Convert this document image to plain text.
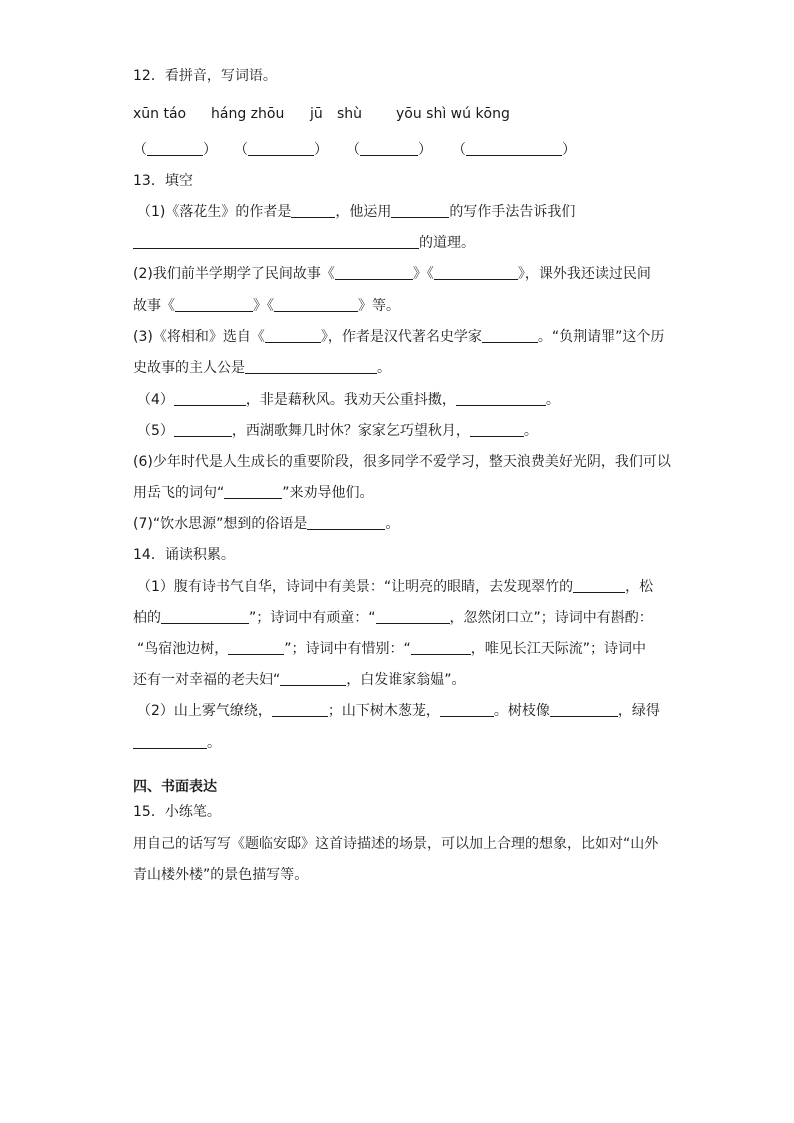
12．看拼音，写词语。
xūn táo háng zhōu jū shù yōu shì wú kōng
（	） （	） （	） （	）
13．填空
（1)《落花生》的作者是	，他运用	的写作手法告诉我们
的道理。
(2)我们前半学期学了民间故事《	》《	》，课外我还读过民间
故事《	》《	》等。
(3)《将相和》选自《	》，作者是汉代著名史学家	。“负荆请罪”这个历
史故事的主人公是	。
（4）	，非是藉秋风。我劝天公重抖擞，	。
（5）	，西湖歌舞几时休？家家乞巧望秋月，	。
(6)少年时代是人生成长的重要阶段，很多同学不爱学习，整天浪费美好光阴，我们可以
用岳飞的词句“	”来劝导他们。
(7)“饮水思源”想到的俗语是	。
14．诵读积累。
（1）腹有诗书气自华，诗词中有美景：“让明亮的眼睛，去发现翠竹的	，松
柏的	”；诗词中有顽童：“	，忽然闭口立”；诗词中有斟酌：
“鸟宿池边树，	”；诗词中有惜别：“	，唯见长江天际流”；诗词中
还有一对幸福的老夫妇“	，白发谁家翁媪”。
（2）山上雾气缭绕，	；山下树木葱茏，	。树枝像	，绿得
。
四、书面表达
15．小练笔。
用自己的话写写《题临安邸》这首诗描述的场景，可以加上合理的想象，比如对“山外
青山楼外楼”的景色描写等。
